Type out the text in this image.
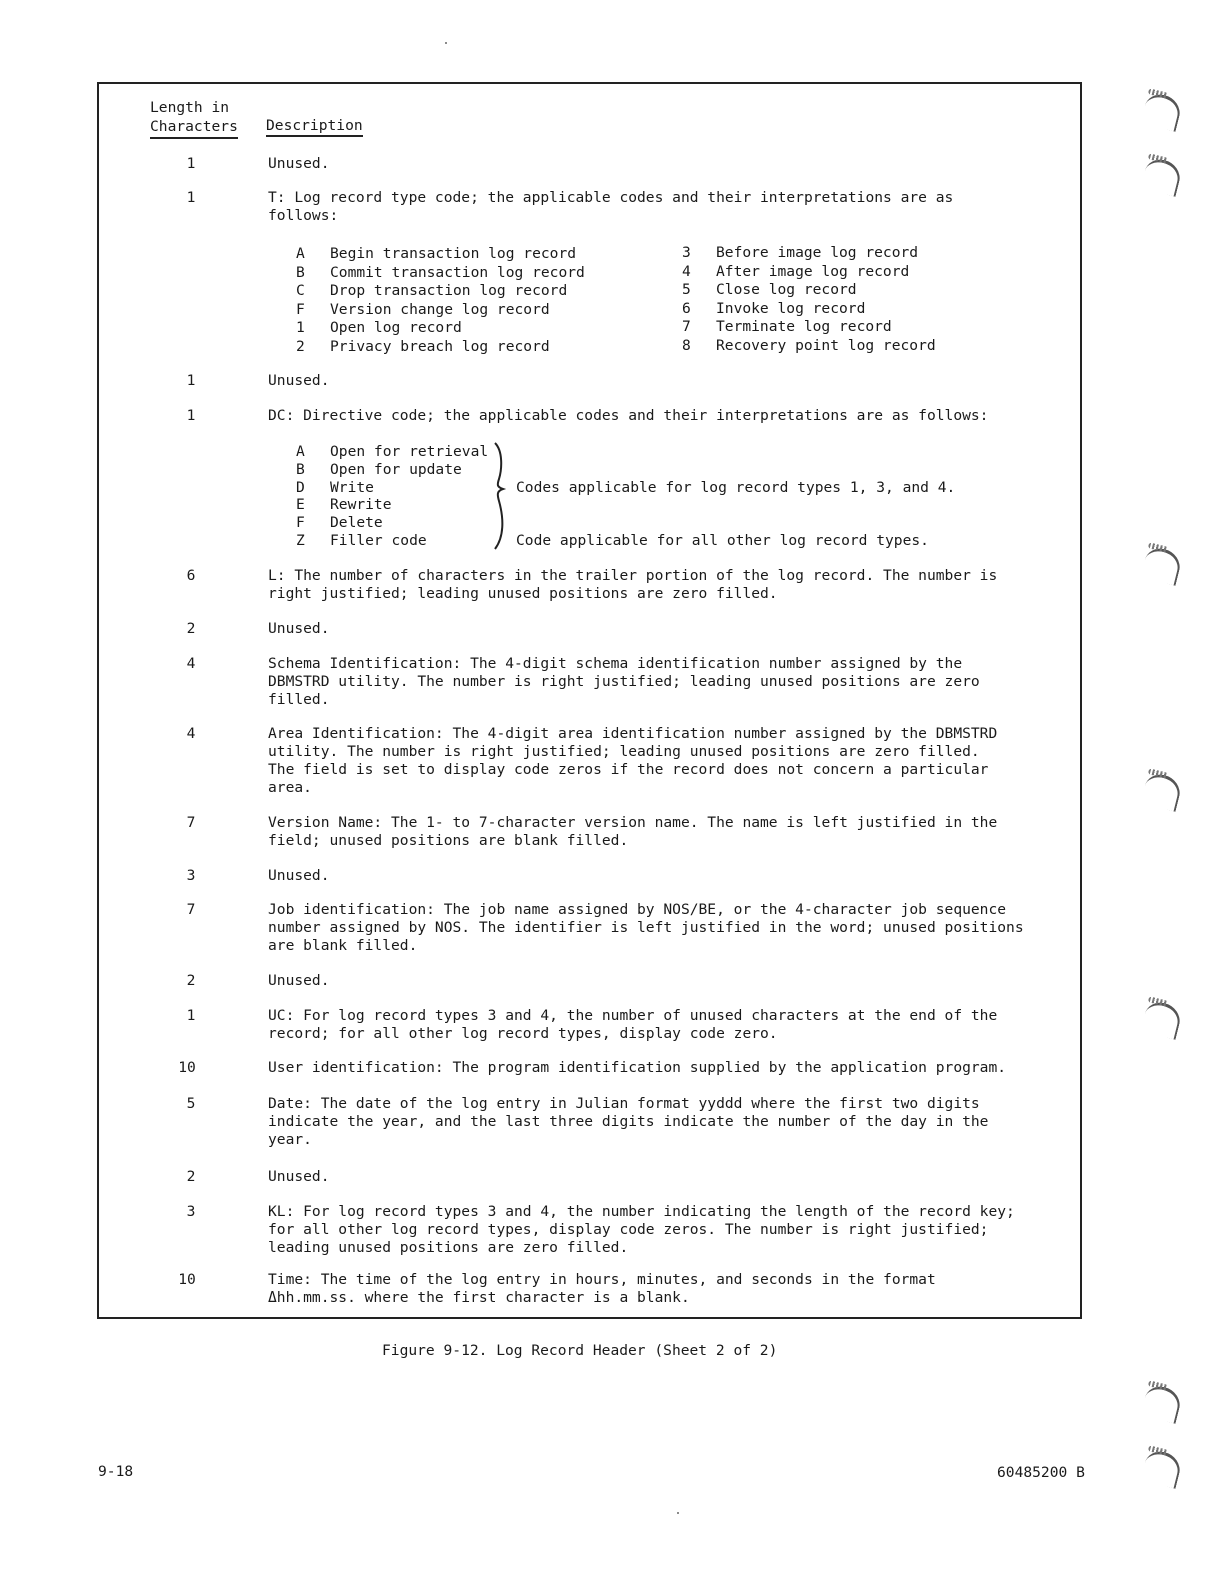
Length in
Characters Description
1	Unused.
1	T: Log record type code; the applicable codes and their interpretations are as follows:
A	Begin transaction log record
B	Commit transaction log record
C	Drop transaction log record
F	Version change log record
1	Open log record
2	Privacy breach log record
3	Before image log record
4	After image log record
5	Close log record
6	Invoke log record
7	Terminate log record
8	Recovery point log record
1	Unused.
1	DC: Directive code; the applicable codes and their interpretations are as follows:
A	Open for retrieval
B	Open for update
D	Write
E	Rewrite
F	Delete
Z	Filler code
Codes applicable for log record types 1, 3, and 4.
Code applicable for all other log record types.
6	L: The number of characters in the trailer portion of the log record. The number is right justified; leading unused positions are zero filled.
2	Unused.
4	Schema Identification: The 4-digit schema identification number assigned by the DBMSTRD utility. The number is right justified; leading unused positions are zero filled.
4	Area Identification: The 4-digit area identification number assigned by the DBMSTRD utility. The number is right justified; leading unused positions are zero filled. The field is set to display code zeros if the record does not concern a particular area.
7	Version Name: The 1- to 7-character version name. The name is left justified in the field; unused positions are blank filled.
3	Unused.
7	Job identification: The job name assigned by NOS/BE, or the 4-character job sequence number assigned by NOS. The identifier is left justified in the word; unused positions are blank filled.
2	Unused.
1	UC: For log record types 3 and 4, the number of unused characters at the end of the record; for all other log record types, display code zero.
10	User identification: The program identification supplied by the application program.
5	Date: The date of the log entry in Julian format yyddd where the first two digits indicate the year, and the last three digits indicate the number of the day in the year.
2	Unused.
3	KL: For log record types 3 and 4, the number indicating the length of the record key; for all other log record types, display code zeros. The number is right justified; leading unused positions are zero filled.
10	Time: The time of the log entry in hours, minutes, and seconds in the format Δhh.mm.ss. where the first character is a blank.
Figure 9-12. Log Record Header (Sheet 2 of 2)
9-18	60485200 B
